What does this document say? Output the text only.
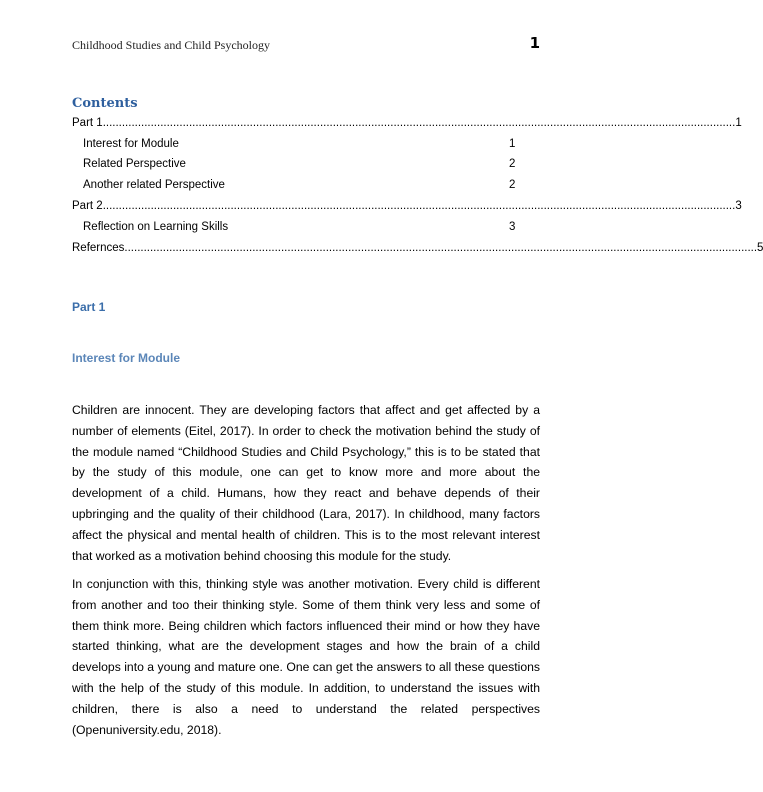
Childhood Studies and Child Psychology	1
Contents
Part 1 ...................................................................................................................................................................................................... 1
Interest for Module	1
Related Perspective	2
Another related Perspective	2
Part 2 ...................................................................................................................................................................................................... 3
Reflection on Learning Skills	3
Refernces ...................................................................................................................................................................................................... 5
Part 1
Interest for Module

Children are innocent. They are developing factors that affect and get affected by a number of elements (Eitel, 2017). In order to check the motivation behind the study of the module named “Childhood Studies and Child Psychology,” this is to be stated that by the study of this module, one can get to know more and more about the development of a child. Humans, how they react and behave depends of their upbringing and the quality of their childhood (Lara, 2017). In childhood, many factors affect the physical and mental health of children. This is to the most relevant interest that worked as a motivation behind choosing this module for the study.

In conjunction with this, thinking style was another motivation. Every child is different from another and too their thinking style. Some of them think very less and some of them think more. Being children which factors influenced their mind or how they have started thinking, what are the development stages and how the brain of a child develops into a young and mature one. One can get the answers to all these questions with the help of the study of this module. In addition, to understand the issues with children, there is also a need to understand the related perspectives (Openuniversity.edu, 2018).
